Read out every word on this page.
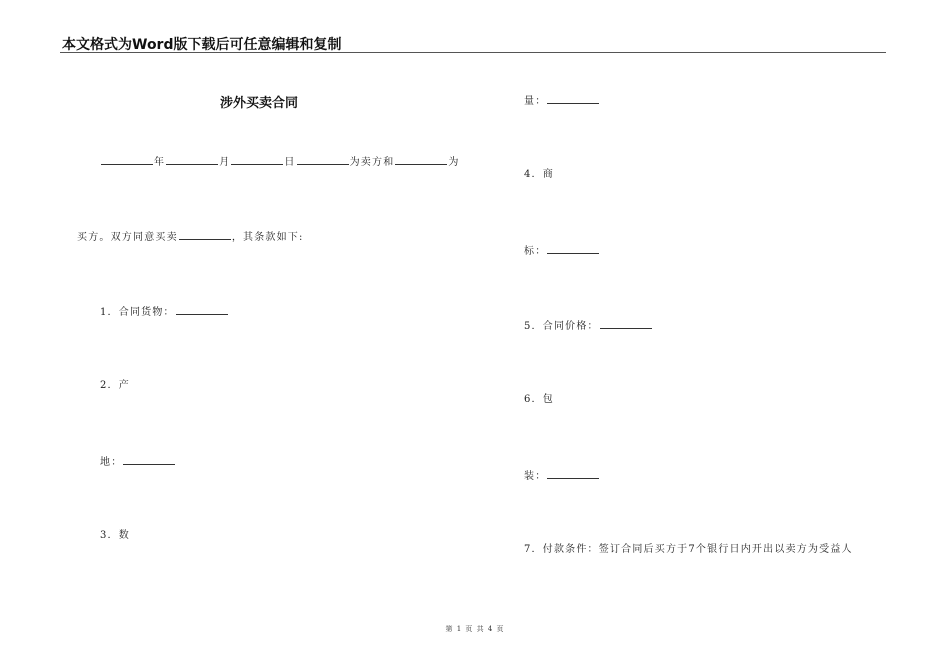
本文格式为Word版下载后可任意编辑和复制
涉外买卖合同
年	月	日	为卖方和	为
买方。双方同意买卖	，其条款如下:
1．合同货物：
2．产
地：
3．数
量：
4．商
标：
5．合同价格：
6．包
装：
7．付款条件：签订合同后买方于7个银行日内开出以卖方为受益人
第 1 页 共 4 页
